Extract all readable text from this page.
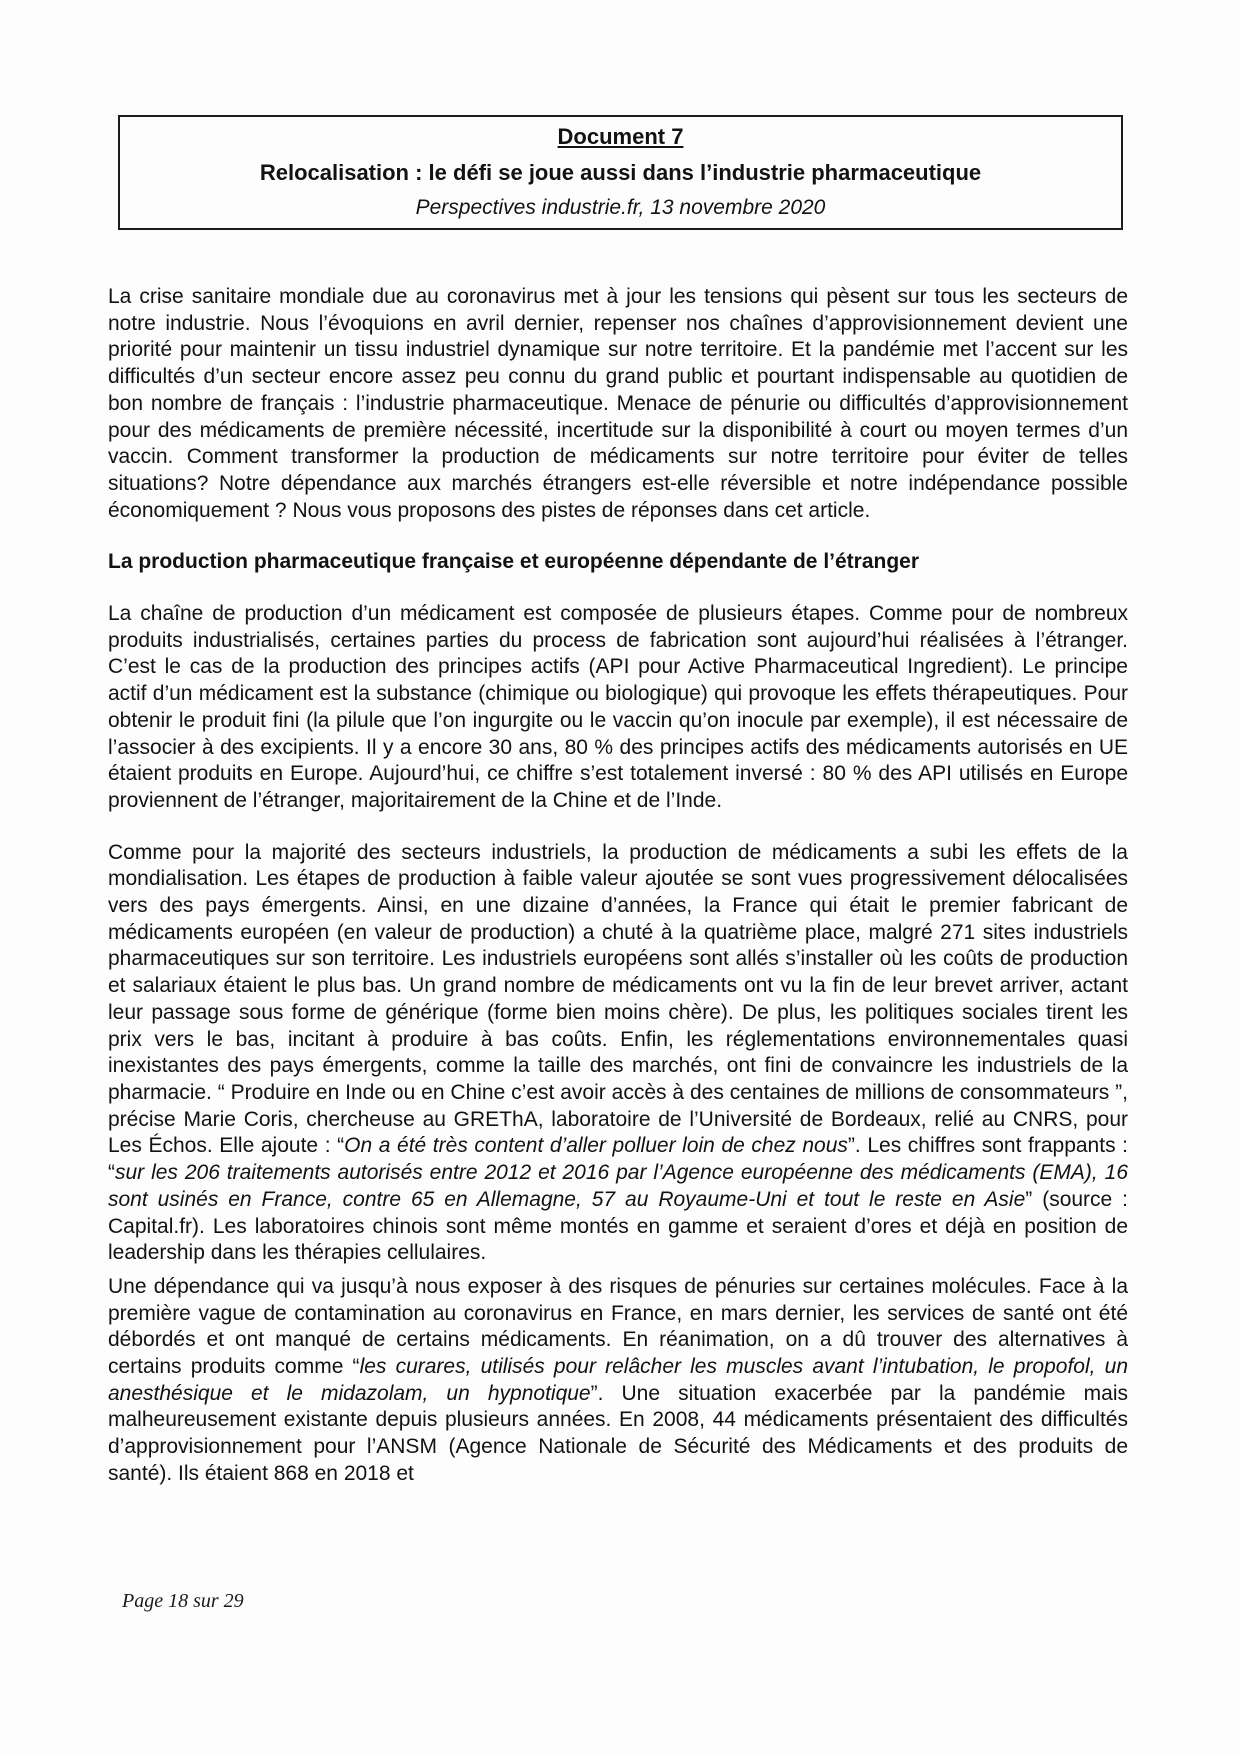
Document 7
Relocalisation : le défi se joue aussi dans l’industrie pharmaceutique
Perspectives industrie.fr, 13 novembre 2020

La crise sanitaire mondiale due au coronavirus met à jour les tensions qui pèsent sur tous les secteurs de notre industrie. Nous l’évoquions en avril dernier, repenser nos chaînes d’approvisionnement devient une priorité pour maintenir un tissu industriel dynamique sur notre territoire. Et la pandémie met l’accent sur les difficultés d’un secteur encore assez peu connu du grand public et pourtant indispensable au quotidien de bon nombre de français : l’industrie pharmaceutique. Menace de pénurie ou difficultés d’approvisionnement pour des médicaments de première nécessité, incertitude sur la disponibilité à court ou moyen termes d’un vaccin. Comment transformer la production de médicaments sur notre territoire pour éviter de telles situations? Notre dépendance aux marchés étrangers est-elle réversible et notre indépendance possible économiquement ? Nous vous proposons des pistes de réponses dans cet article.

La production pharmaceutique française et européenne dépendante de l’étranger

La chaîne de production d’un médicament est composée de plusieurs étapes. Comme pour de nombreux produits industrialisés, certaines parties du process de fabrication sont aujourd’hui réalisées à l’étranger. C’est le cas de la production des principes actifs (API pour Active Pharmaceutical Ingredient). Le principe actif d’un médicament est la substance (chimique ou biologique) qui provoque les effets thérapeutiques. Pour obtenir le produit fini (la pilule que l’on ingurgite ou le vaccin qu’on inocule par exemple), il est nécessaire de l’associer à des excipients. Il y a encore 30 ans, 80 % des principes actifs des médicaments autorisés en UE étaient produits en Europe. Aujourd’hui, ce chiffre s’est totalement inversé : 80 % des API utilisés en Europe proviennent de l’étranger, majoritairement de la Chine et de l’Inde.

Comme pour la majorité des secteurs industriels, la production de médicaments a subi les effets de la mondialisation. Les étapes de production à faible valeur ajoutée se sont vues progressivement délocalisées vers des pays émergents. Ainsi, en une dizaine d’années, la France qui était le premier fabricant de médicaments européen (en valeur de production) a chuté à la quatrième place, malgré 271 sites industriels pharmaceutiques sur son territoire. Les industriels européens sont allés s’installer où les coûts de production et salariaux étaient le plus bas. Un grand nombre de médicaments ont vu la fin de leur brevet arriver, actant leur passage sous forme de générique (forme bien moins chère). De plus, les politiques sociales tirent les prix vers le bas, incitant à produire à bas coûts. Enfin, les réglementations environnementales quasi inexistantes des pays émergents, comme la taille des marchés, ont fini de convaincre les industriels de la pharmacie. “ Produire en Inde ou en Chine c’est avoir accès à des centaines de millions de consommateurs ”, précise Marie Coris, chercheuse au GREThA, laboratoire de l’Université de Bordeaux, relié au CNRS, pour Les Échos. Elle ajoute : “On a été très content d’aller polluer loin de chez nous”. Les chiffres sont frappants : “sur les 206 traitements autorisés entre 2012 et 2016 par l’Agence européenne des médicaments (EMA), 16 sont usinés en France, contre 65 en Allemagne, 57 au Royaume-Uni et tout le reste en Asie” (source : Capital.fr). Les laboratoires chinois sont même montés en gamme et seraient d’ores et déjà en position de leadership dans les thérapies cellulaires.

Une dépendance qui va jusqu’à nous exposer à des risques de pénuries sur certaines molécules. Face à la première vague de contamination au coronavirus en France, en mars dernier, les services de santé ont été débordés et ont manqué de certains médicaments. En réanimation, on a dû trouver des alternatives à certains produits comme “les curares, utilisés pour relâcher les muscles avant l’intubation, le propofol, un anesthésique et le midazolam, un hypnotique”. Une situation exacerbée par la pandémie mais malheureusement existante depuis plusieurs années. En 2008, 44 médicaments présentaient des difficultés d’approvisionnement pour l’ANSM (Agence Nationale de Sécurité des Médicaments et des produits de santé). Ils étaient 868 en 2018 et

Page 18 sur 29
